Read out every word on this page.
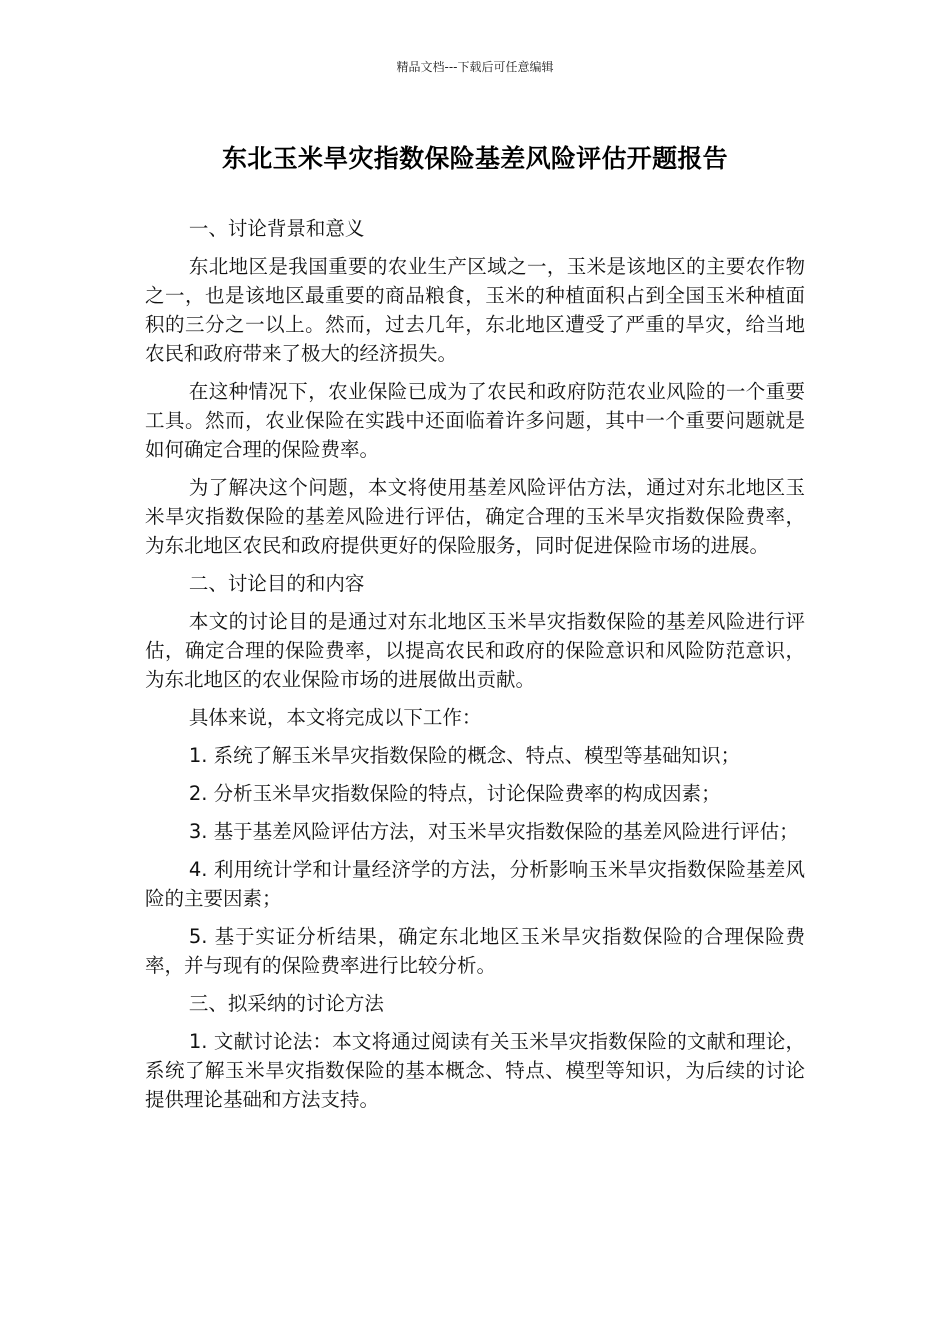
精品文档---下载后可任意编辑
东北玉米旱灾指数保险基差风险评估开题报告

一、讨论背景和意义

东北地区是我国重要的农业生产区域之一，玉米是该地区的主要农作物之一，也是该地区最重要的商品粮食，玉米的种植面积占到全国玉米种植面积的三分之一以上。然而，过去几年，东北地区遭受了严重的旱灾，给当地农民和政府带来了极大的经济损失。

在这种情况下，农业保险已成为了农民和政府防范农业风险的一个重要工具。然而，农业保险在实践中还面临着许多问题，其中一个重要问题就是如何确定合理的保险费率。

为了解决这个问题，本文将使用基差风险评估方法，通过对东北地区玉米旱灾指数保险的基差风险进行评估，确定合理的玉米旱灾指数保险费率，为东北地区农民和政府提供更好的保险服务，同时促进保险市场的进展。

二、讨论目的和内容

本文的讨论目的是通过对东北地区玉米旱灾指数保险的基差风险进行评估，确定合理的保险费率，以提高农民和政府的保险意识和风险防范意识，为东北地区的农业保险市场的进展做出贡献。

具体来说，本文将完成以下工作：

1. 系统了解玉米旱灾指数保险的概念、特点、模型等基础知识；

2. 分析玉米旱灾指数保险的特点，讨论保险费率的构成因素；

3. 基于基差风险评估方法，对玉米旱灾指数保险的基差风险进行评估；

4. 利用统计学和计量经济学的方法，分析影响玉米旱灾指数保险基差风险的主要因素；

5. 基于实证分析结果，确定东北地区玉米旱灾指数保险的合理保险费率，并与现有的保险费率进行比较分析。

三、拟采纳的讨论方法

1. 文献讨论法：本文将通过阅读有关玉米旱灾指数保险的文献和理论，系统了解玉米旱灾指数保险的基本概念、特点、模型等知识，为后续的讨论提供理论基础和方法支持。
